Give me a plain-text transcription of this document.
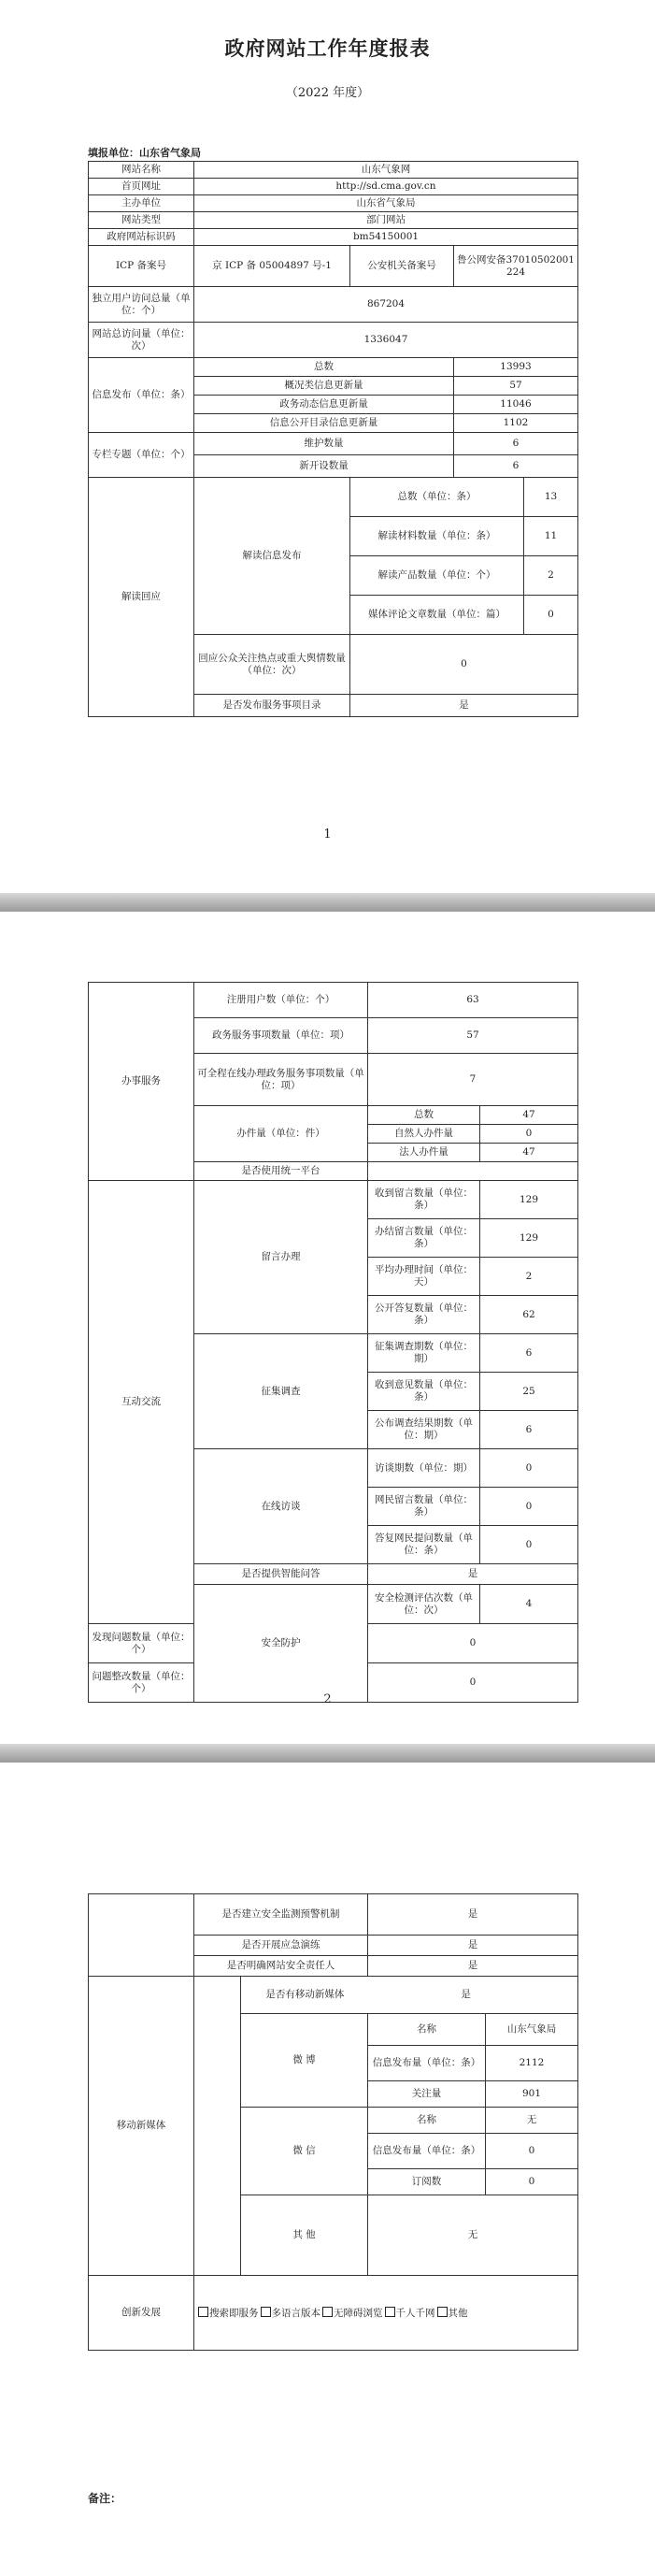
政府网站工作年度报表
（2022 年度）
填报单位：山东省气象局
网站名称	山东气象网			
首页网址	http://sd.cma.gov.cn			
主办单位	山东省气象局			
网站类型	部门网站			
政府网站标识码	bm54150001			
ICP 备案号	京 ICP 备 05004897 号-1	公安机关备案号	鲁公网安备37010502001224	
独立用户访问总量（单位：个）	867204			
网站总访问量（单位：次）	1336047			
信息发布（单位：条）	总数		13993	
	概况类信息更新量		57	
	政务动态信息更新量		11046	
	信息公开目录信息更新量		1102	
专栏专题（单位：个）	维护数量		6	
	新开设数量		6	
解读回应	解读信息发布	总数（单位：条）		13
		解读材料数量（单位：条）		11
		解读产品数量（单位：个）		2
		媒体评论文章数量（单位：篇）		0
	回应公众关注热点或重大舆情数量（单位：次）	0		
	是否发布服务事项目录	是		
1
办事服务	注册用户数（单位：个）	63	
	政务服务事项数量（单位：项）	57	
	可全程在线办理政务服务事项数量（单位：项）	7	
	办件量（单位：件）	总数	47
		自然人办件量	0
		法人办件量	47
	是否使用统一平台		
互动交流	留言办理	收到留言数量（单位：条）	129
		办结留言数量（单位：条）	129
		平均办理时间（单位：天）	2
		公开答复数量（单位：条）	62
	征集调查	征集调查期数（单位：期）	6
		收到意见数量（单位：条）	25
		公布调查结果期数（单位：期）	6
	在线访谈	访谈期数（单位：期）	0
		网民留言数量（单位：条）	0
		答复网民提问数量（单位：条）	0
	是否提供智能问答	是	
	安全防护	安全检测评估次数（单位：次）	4
发现问题数量（单位：个）		0	
问题整改数量（单位：个）		0	
2
	是否建立安全监测预警机制		是	
	是否开展应急演练		是	
	是否明确网站安全责任人		是	
移动新媒体		是否有移动新媒体 是		
		微 博	名称	山东气象局
			信息发布量（单位：条）	2112
			关注量	901
		微 信	名称	无
			信息发布量（单位：条）	0
			订阅数	0
		其 他	无	
创新发展	搜索即服务 多语言版本 无障碍浏览 千人千网 其他			
备注：
